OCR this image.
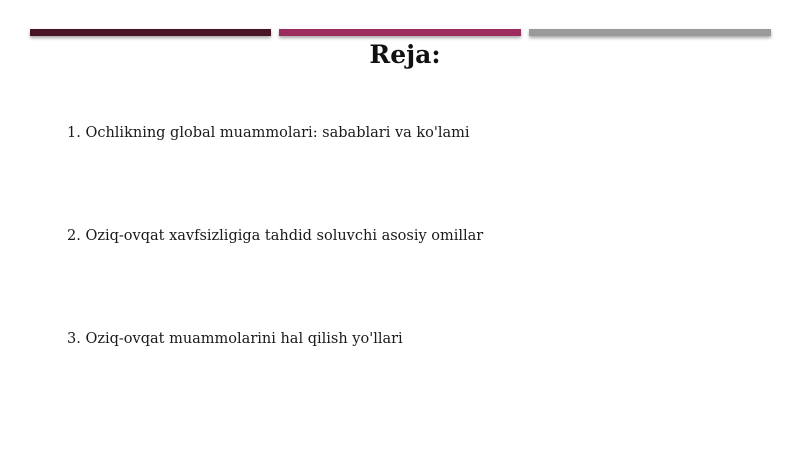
Reja:

1. Ochlikning global muammolari: sabablari va ko'lami

2. Oziq-ovqat xavfsizligiga tahdid soluvchi asosiy omillar

3. Oziq-ovqat muammolarini hal qilish yo'llari
